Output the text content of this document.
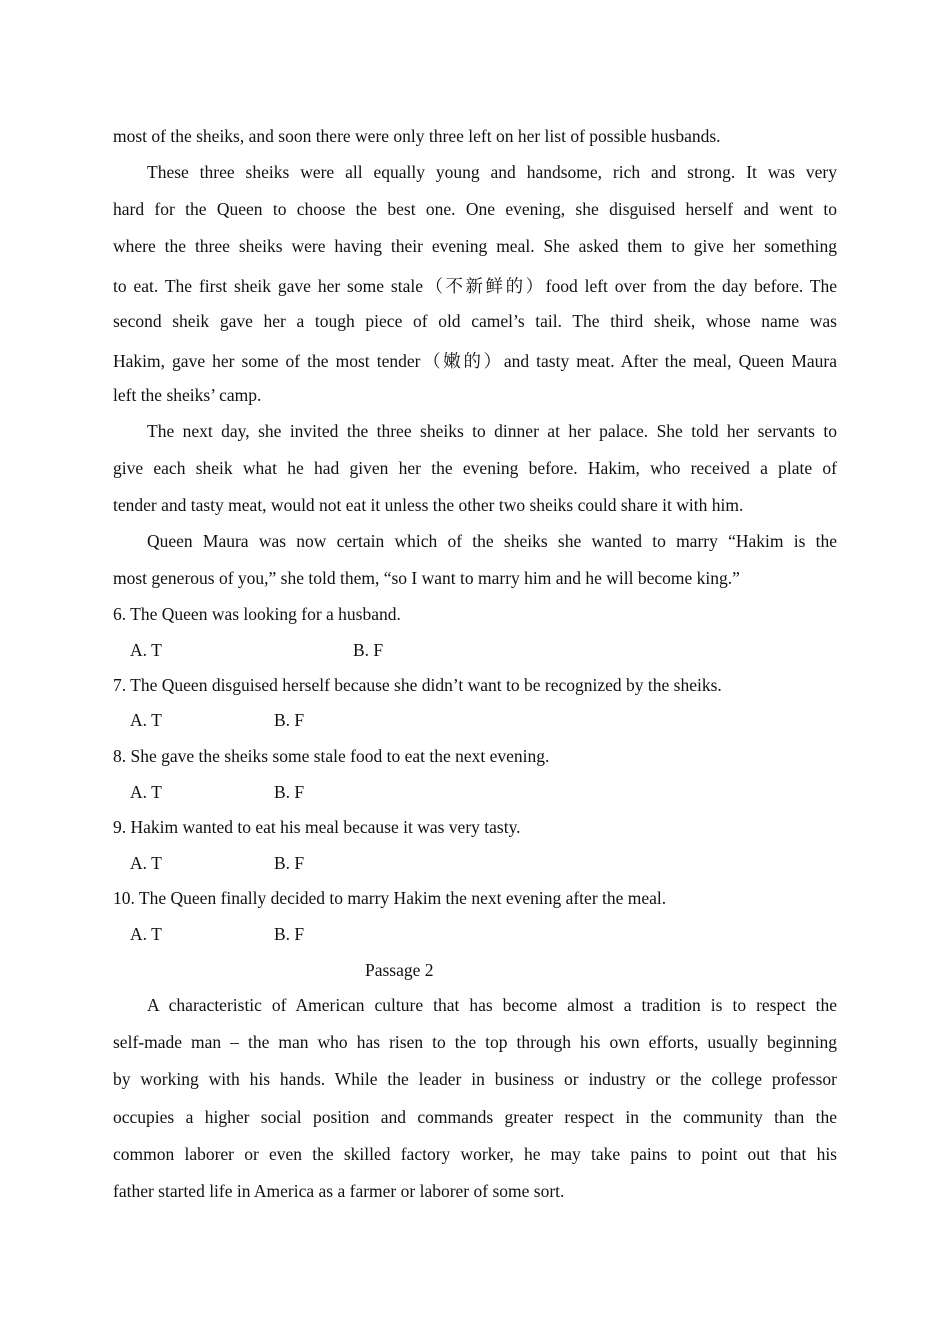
most of the sheiks, and soon there were only three left on her list of possible husbands.
These three sheiks were all equally young and handsome, rich and strong. It was very
hard for the Queen to choose the best one. One evening, she disguised herself and went to
where the three sheiks were having their evening meal. She asked them to give her something
to eat. The first sheik gave her some stale（不新鲜的）food left over from the day before. The
second sheik gave her a tough piece of old camel’s tail. The third sheik, whose name was
Hakim, gave her some of the most tender（嫩的）and tasty meat. After the meal, Queen Maura
left the sheiks’ camp.
The next day, she invited the three sheiks to dinner at her palace. She told her servants to
give each sheik what he had given her the evening before. Hakim, who received a plate of
tender and tasty meat, would not eat it unless the other two sheiks could share it with him.
Queen Maura was now certain which of the sheiks she wanted to marry “Hakim is the
most generous of you,” she told them, “so I want to marry him and he will become king.”
6. The Queen was looking for a husband.
A. T	B. F
7. The Queen disguised herself because she didn’t want to be recognized by the sheiks.
A. T	B. F
8. She gave the sheiks some stale food to eat the next evening.
A. T	B. F
9. Hakim wanted to eat his meal because it was very tasty.
A. T	B. F
10. The Queen finally decided to marry Hakim the next evening after the meal.
A. T	B. F
Passage 2
A characteristic of American culture that has become almost a tradition is to respect the
self-made man – the man who has risen to the top through his own efforts, usually beginning
by working with his hands. While the leader in business or industry or the college professor
occupies a higher social position and commands greater respect in the community than the
common laborer or even the skilled factory worker, he may take pains to point out that his
father started life in America as a farmer or laborer of some sort.
